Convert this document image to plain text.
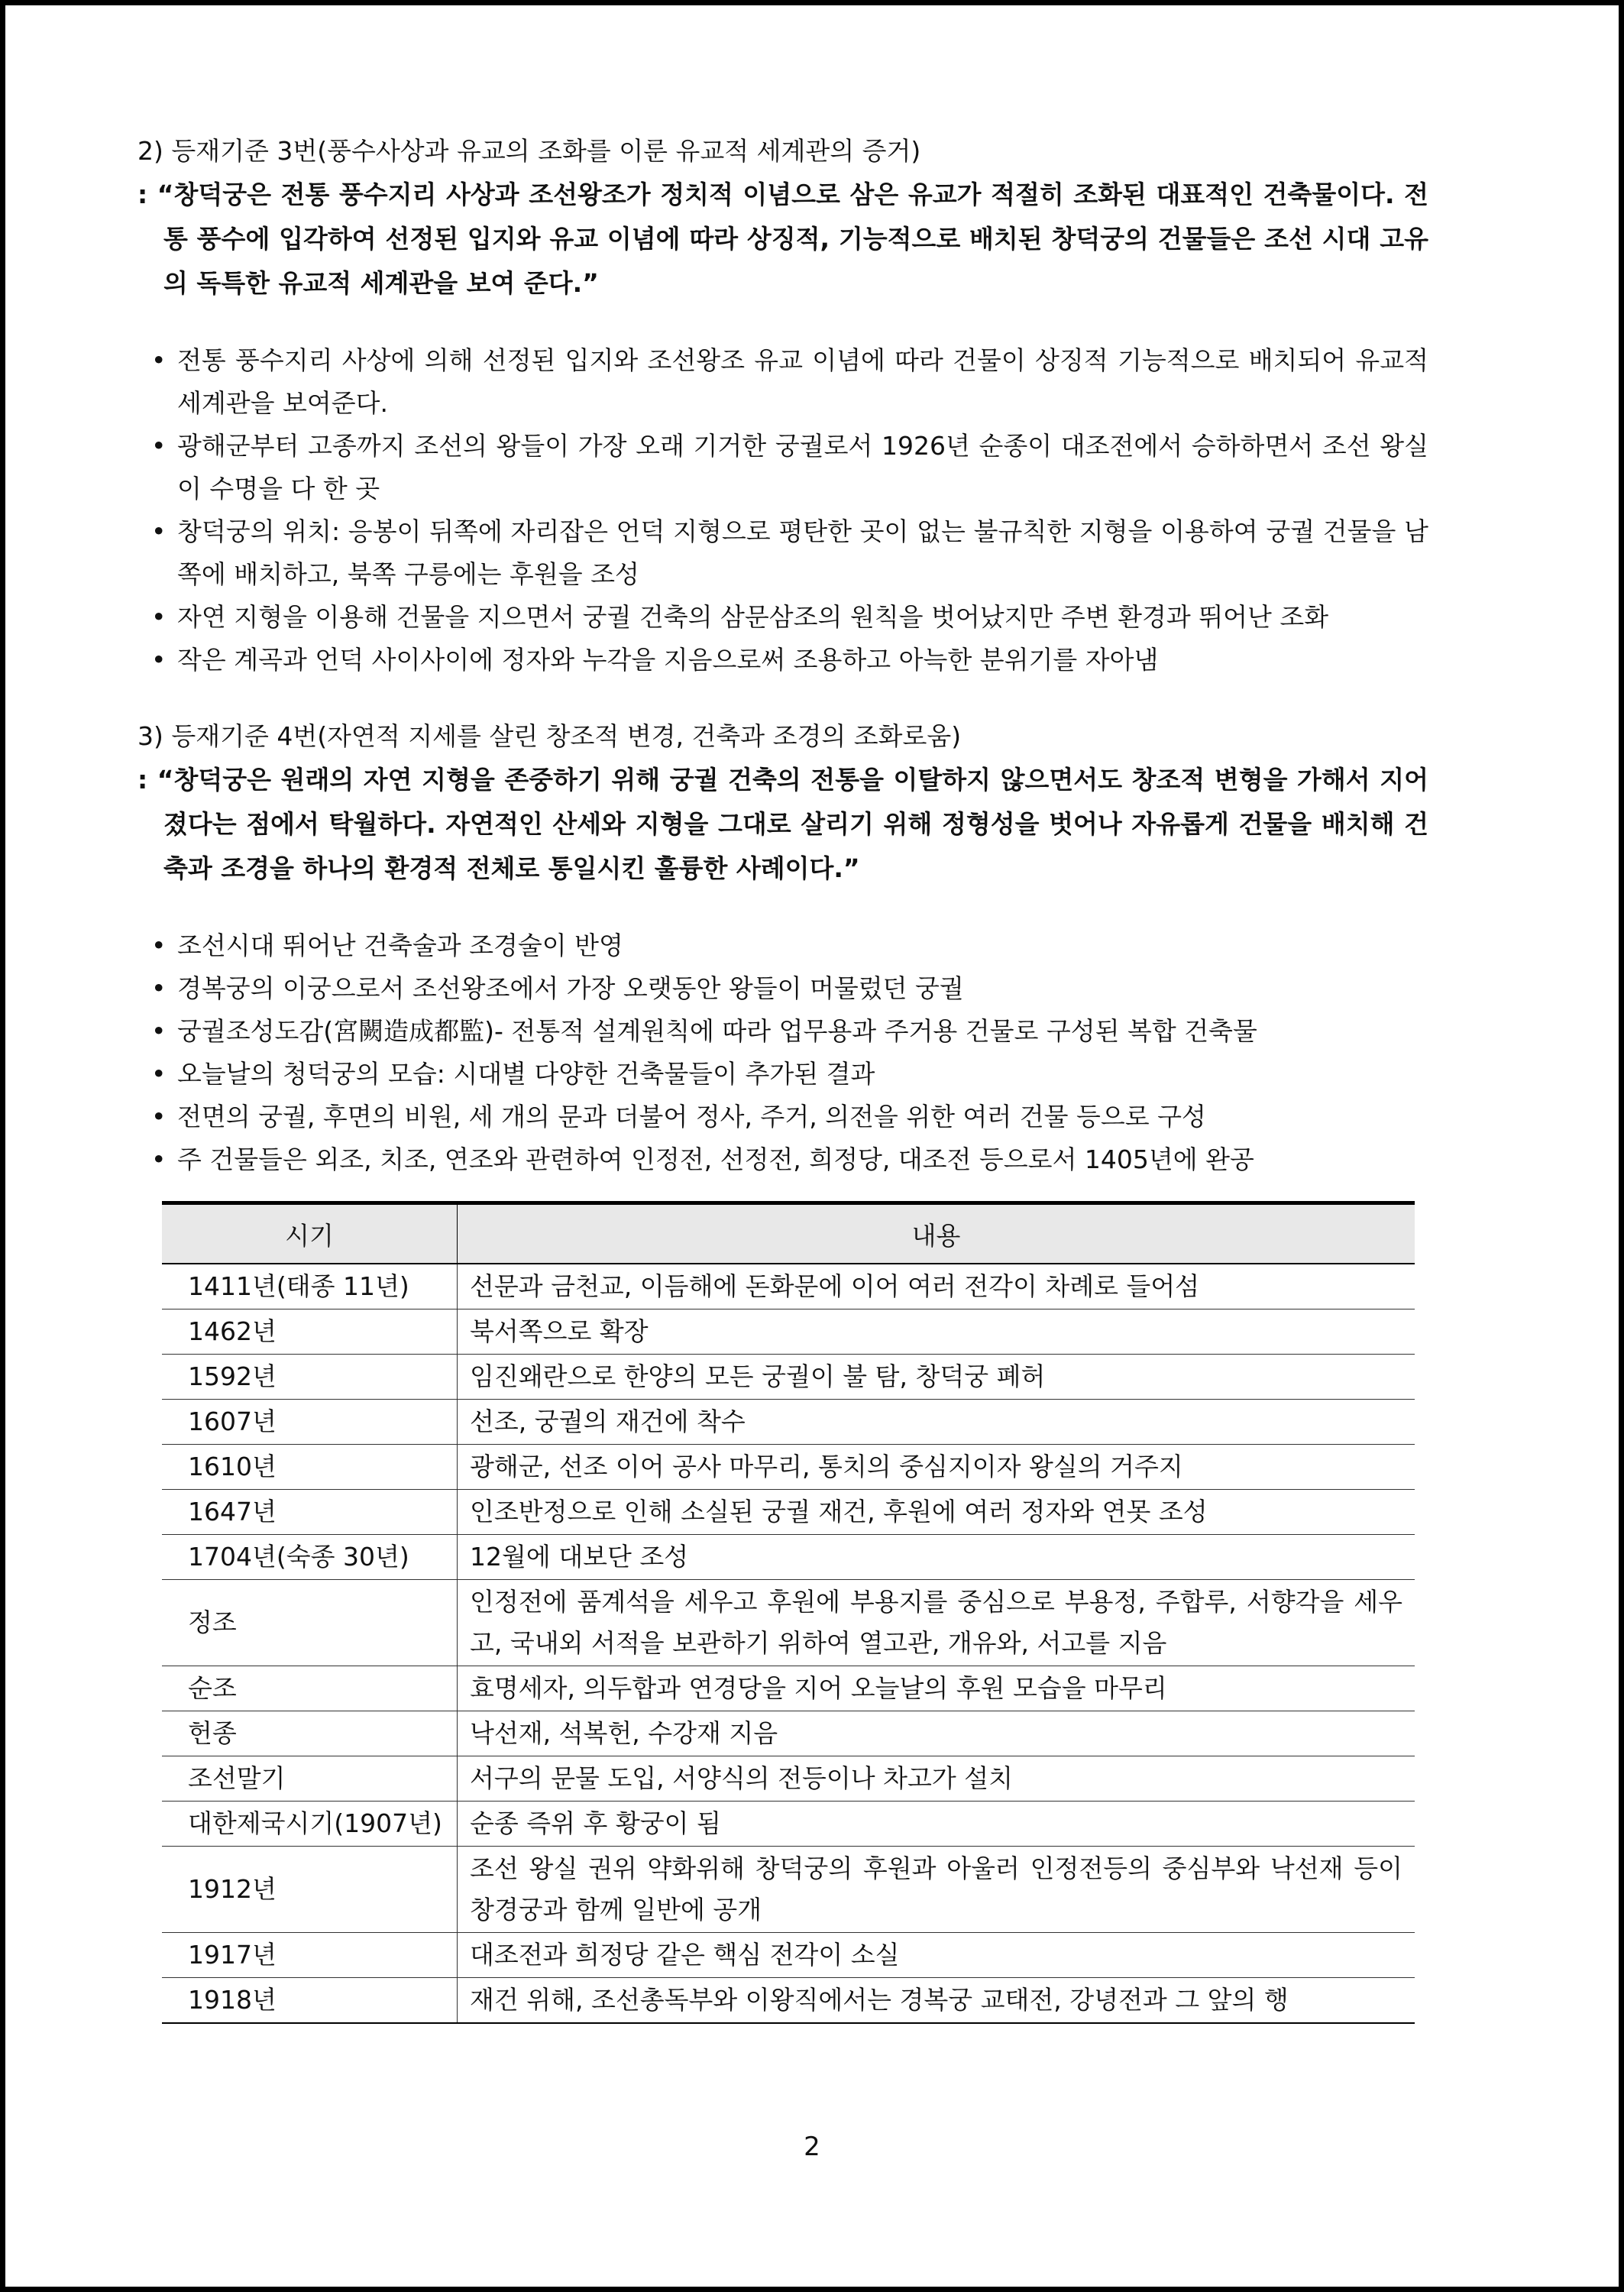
2) 등재기준 3번(풍수사상과 유교의 조화를 이룬 유교적 세계관의 증거)

: “창덕궁은 전통 풍수지리 사상과 조선왕조가 정치적 이념으로 삼은 유교가 적절히 조화된 대표적인 건축물이다. 전통 풍수에 입각하여 선정된 입지와 유교 이념에 따라 상징적, 기능적으로 배치된 창덕궁의 건물들은 조선 시대 고유의 독특한 유교적 세계관을 보여 준다.”

• 전통 풍수지리 사상에 의해 선정된 입지와 조선왕조 유교 이념에 따라 건물이 상징적 기능적으로 배치되어 유교적 세계관을 보여준다.
• 광해군부터 고종까지 조선의 왕들이 가장 오래 기거한 궁궐로서 1926년 순종이 대조전에서 승하하면서 조선 왕실이 수명을 다 한 곳
• 창덕궁의 위치: 응봉이 뒤쪽에 자리잡은 언덕 지형으로 평탄한 곳이 없는 불규칙한 지형을 이용하여 궁궐 건물을 남쪽에 배치하고, 북쪽 구릉에는 후원을 조성
• 자연 지형을 이용해 건물을 지으면서 궁궐 건축의 삼문삼조의 원칙을 벗어났지만 주변 환경과 뛰어난 조화
• 작은 계곡과 언덕 사이사이에 정자와 누각을 지음으로써 조용하고 아늑한 분위기를 자아냄

3) 등재기준 4번(자연적 지세를 살린 창조적 변경, 건축과 조경의 조화로움)

: “창덕궁은 원래의 자연 지형을 존중하기 위해 궁궐 건축의 전통을 이탈하지 않으면서도 창조적 변형을 가해서 지어졌다는 점에서 탁월하다. 자연적인 산세와 지형을 그대로 살리기 위해 정형성을 벗어나 자유롭게 건물을 배치해 건축과 조경을 하나의 환경적 전체로 통일시킨 훌륭한 사례이다.”

• 조선시대 뛰어난 건축술과 조경술이 반영
• 경복궁의 이궁으로서 조선왕조에서 가장 오랫동안 왕들이 머물렀던 궁궐
• 궁궐조성도감(宮闕造成都監)- 전통적 설계원칙에 따라 업무용과 주거용 건물로 구성된 복합 건축물
• 오늘날의 청덕궁의 모습: 시대별 다양한 건축물들이 추가된 결과
• 전면의 궁궐, 후면의 비원, 세 개의 문과 더불어 정사, 주거, 의전을 위한 여러 건물 등으로 구성
• 주 건물들은 외조, 치조, 연조와 관련하여 인정전, 선정전, 희정당, 대조전 등으로서 1405년에 완공
시기	내용
1411년(태종 11년)	선문과 금천교, 이듬해에 돈화문에 이어 여러 전각이 차례로 들어섬
1462년	북서쪽으로 확장
1592년	임진왜란으로 한양의 모든 궁궐이 불 탐, 창덕궁 폐허
1607년	선조, 궁궐의 재건에 착수
1610년	광해군, 선조 이어 공사 마무리, 통치의 중심지이자 왕실의 거주지
1647년	인조반정으로 인해 소실된 궁궐 재건, 후원에 여러 정자와 연못 조성
1704년(숙종 30년)	12월에 대보단 조성
정조	인정전에 품계석을 세우고 후원에 부용지를 중심으로 부용정, 주합루, 서향각을 세우고, 국내외 서적을 보관하기 위하여 열고관, 개유와, 서고를 지음
순조	효명세자, 의두합과 연경당을 지어 오늘날의 후원 모습을 마무리
헌종	낙선재, 석복헌, 수강재 지음
조선말기	서구의 문물 도입, 서양식의 전등이나 차고가 설치
대한제국시기(1907년)	순종 즉위 후 황궁이 됨
1912년	조선 왕실 권위 약화위해 창덕궁의 후원과 아울러 인정전등의 중심부와 낙선재 등이 창경궁과 함께 일반에 공개
1917년	대조전과 희정당 같은 핵심 전각이 소실
1918년	재건 위해, 조선총독부와 이왕직에서는 경복궁 교태전, 강녕전과 그 앞의 행
2
